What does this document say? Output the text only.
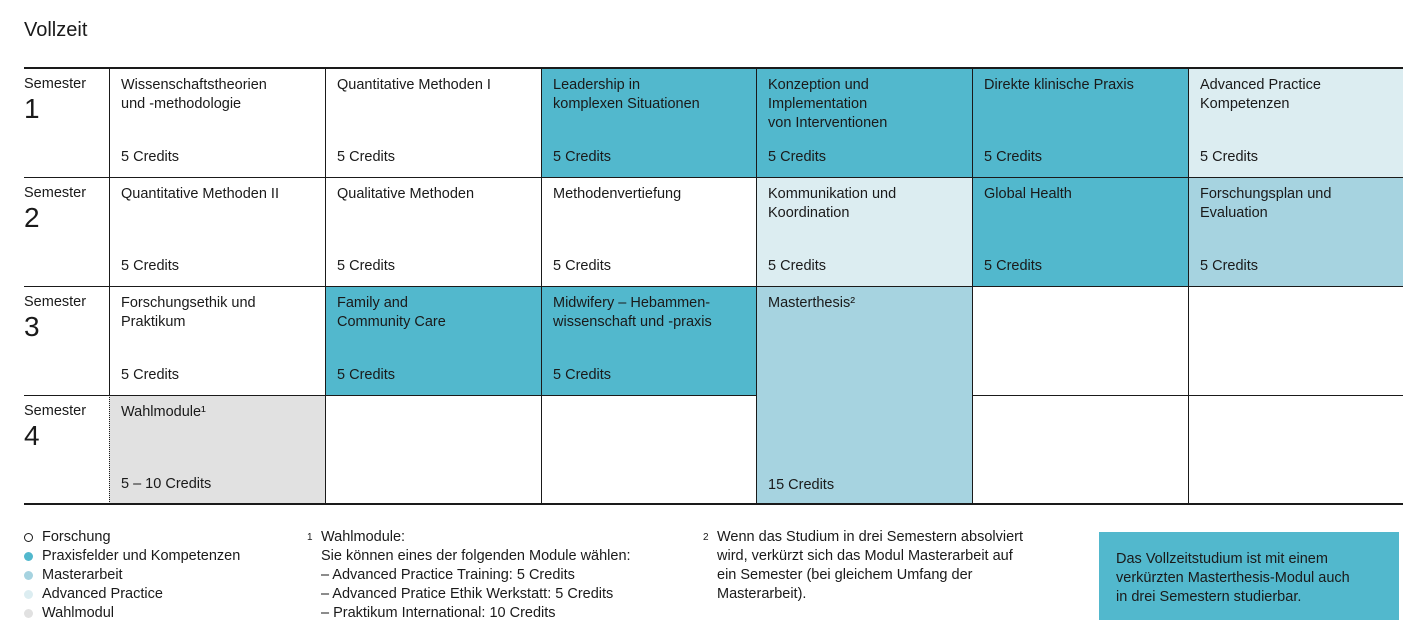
Vollzeit
Wissenschaftstheorien
und -methodologie
5 Credits
Quantitative Methoden I
5 Credits
Leadership in
komplexen Situationen
5 Credits
Konzeption und
Implementation
von Interventionen
5 Credits
Direkte klinische Praxis
5 Credits
Advanced Practice
Kompetenzen
5 Credits
Quantitative Methoden II
5 Credits
Qualitative Methoden
5 Credits
Methodenvertiefung
5 Credits
Kommunikation und
Koordination
5 Credits
Global Health
5 Credits
Forschungsplan und
Evaluation
5 Credits
Forschungsethik und
Praktikum
5 Credits
Family and
Community Care
5 Credits
Midwifery – Hebammen-
wissenschaft und -praxis
5 Credits
Wahlmodule¹
5 – 10 Credits
Masterthesis²
15 Credits
Semester
1
Semester
2
Semester
3
Semester
4
Forschung
Praxisfelder und Kompetenzen
Masterarbeit
Advanced Practice
Wahlmodul
1 Wahlmodule:
Sie können eines der folgenden Module wählen:
– Advanced Practice Training: 5 Credits
– Advanced Pratice Ethik Werkstatt: 5 Credits
– Praktikum International: 10 Credits
2 Wenn das Studium in drei Semestern absolviert
wird, verkürzt sich das Modul Masterarbeit auf
ein Semester (bei gleichem Umfang der
Masterarbeit).
Das Vollzeitstudium ist mit einem
verkürzten Masterthesis-Modul auch
in drei Semestern studierbar.
